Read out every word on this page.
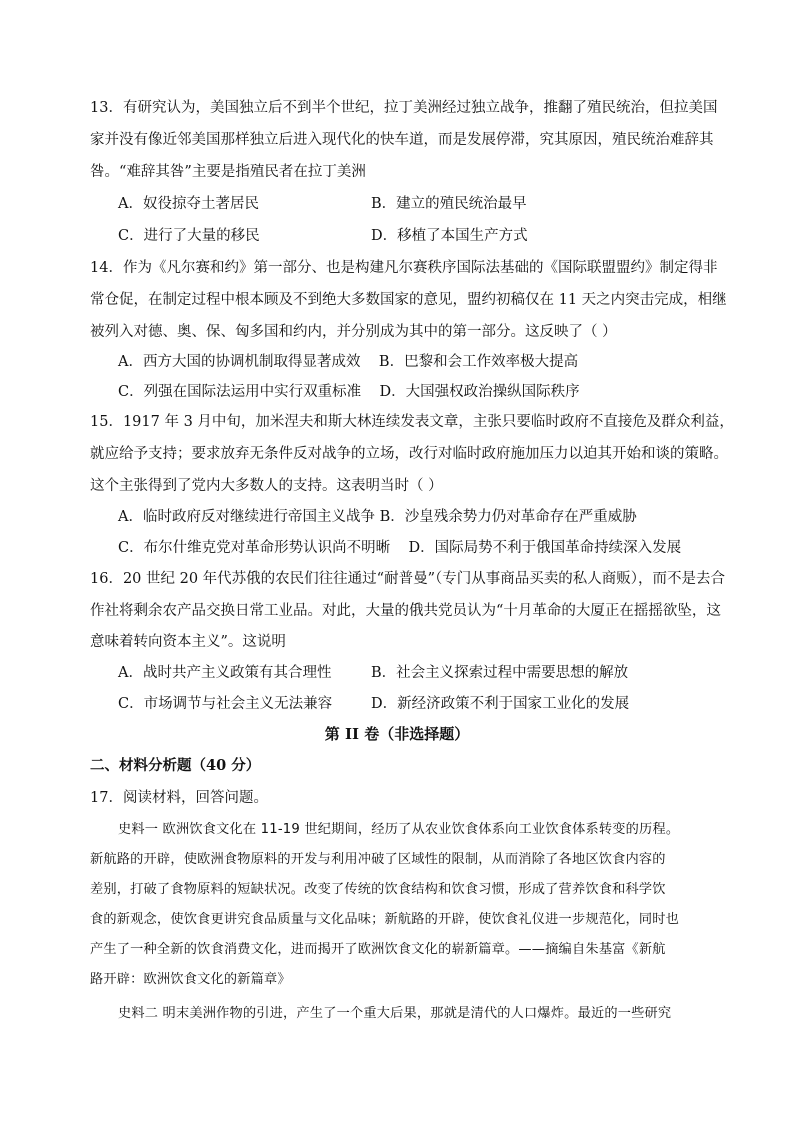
13．有研究认为，美国独立后不到半个世纪，拉丁美洲经过独立战争，推翻了殖民统治，但拉美国
家并没有像近邻美国那样独立后进入现代化的快车道，而是发展停滞，究其原因，殖民统治难辞其
咎。“难辞其咎”主要是指殖民者在拉丁美洲
A．奴役掠夺土著居民	B．建立的殖民统治最早
C．进行了大量的移民	D．移植了本国生产方式
14．作为《凡尔赛和约》第一部分、也是构建凡尔赛秩序国际法基础的《国际联盟盟约》制定得非
常仓促，在制定过程中根本顾及不到绝大多数国家的意见，盟约初稿仅在 11 天之内突击完成，相继
被列入对德、奥、保、匈多国和约内，并分别成为其中的第一部分。这反映了（ ）
A．西方大国的协调机制取得显著成效 B．巴黎和会工作效率极大提高
C．列强在国际法运用中实行双重标准 D．大国强权政治操纵国际秩序
15．1917 年 3 月中旬，加米涅夫和斯大林连续发表文章，主张只要临时政府不直接危及群众利益，
就应给予支持；要求放弃无条件反对战争的立场，改行对临时政府施加压力以迫其开始和谈的策略。
这个主张得到了党内大多数人的支持。这表明当时（ ）
A．临时政府反对继续进行帝国主义战争 B．沙皇残余势力仍对革命存在严重威胁
C．布尔什维克党对革命形势认识尚不明晰 D．国际局势不利于俄国革命持续深入发展
16．20 世纪 20 年代苏俄的农民们往往通过“耐普曼”（专门从事商品买卖的私人商贩），而不是去合
作社将剩余农产品交换日常工业品。对此，大量的俄共党员认为“十月革命的大厦正在摇摇欲坠，这
意味着转向资本主义”。这说明
A．战时共产主义政策有其合理性	B．社会主义探索过程中需要思想的解放
C．市场调节与社会主义无法兼容	D．新经济政策不利于国家工业化的发展
第 II 卷（非选择题）
二、材料分析题（40 分）
17．阅读材料，回答问题。
史料一 欧洲饮食文化在 11-19 世纪期间，经历了从农业饮食体系向工业饮食体系转变的历程。
新航路的开辟，使欧洲食物原料的开发与利用冲破了区域性的限制，从而消除了各地区饮食内容的
差别，打破了食物原料的短缺状况。改变了传统的饮食结构和饮食习惯，形成了营养饮食和科学饮
食的新观念，使饮食更讲究食品质量与文化品味；新航路的开辟，使饮食礼仪进一步规范化，同时也
产生了一种全新的饮食消费文化，进而揭开了欧洲饮食文化的崭新篇章。——摘编自朱基富《新航
路开辟：欧洲饮食文化的新篇章》
史料二 明末美洲作物的引进，产生了一个重大后果，那就是清代的人口爆炸。最近的一些研究
